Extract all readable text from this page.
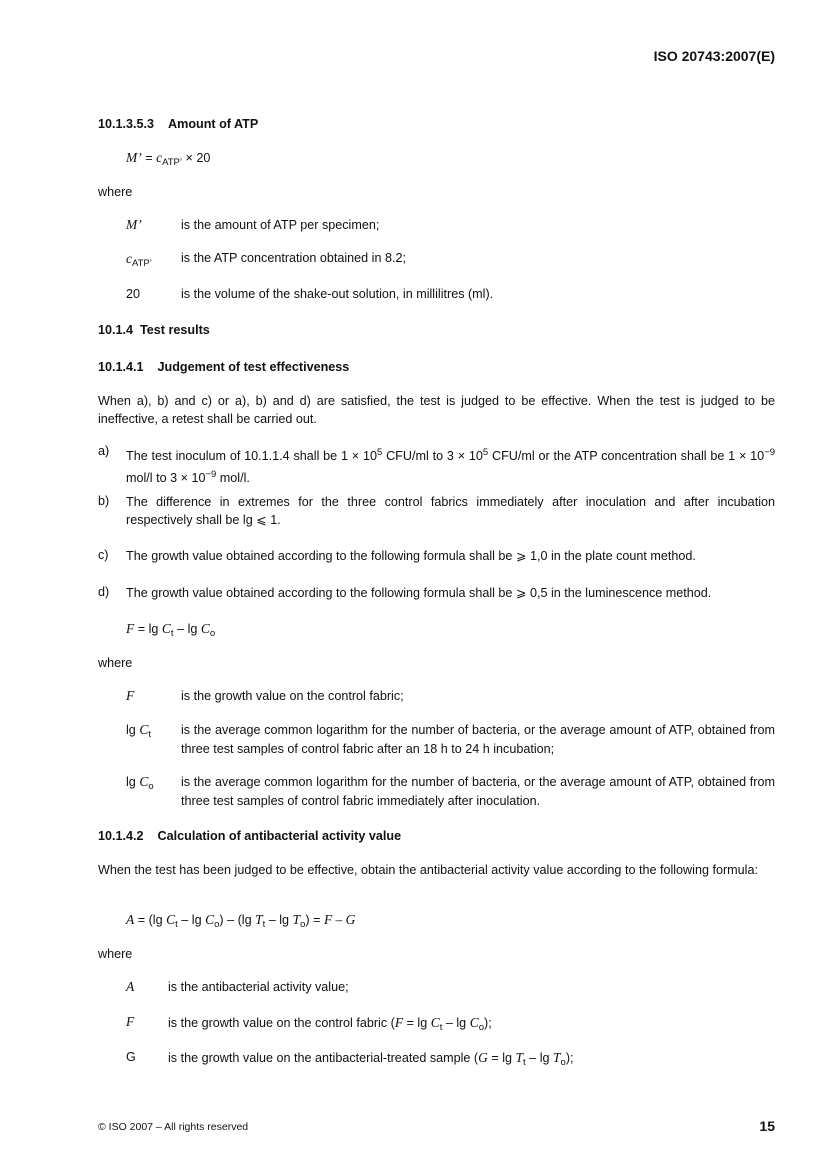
ISO 20743:2007(E)
10.1.3.5.3 Amount of ATP
M’ = $c_{ATP’} \times 20$
where
M’	is the amount of ATP per specimen;
$c_{ATP’}$ is the ATP concentration obtained in 8.2;
20	is the volume of the shake-out solution, in millilitres (ml).
10.1.4 Test results
10.1.4.1 Judgement of test effectiveness
When a), b) and c) or a), b) and d) are satisfied, the test is judged to be effective. When the test is judged to be ineffective, a retest shall be carried out.
a) The test inoculum of 10.1.1.4 shall be $1 \times 10^5$ CFU/ml to $3 \times 10^5$ CFU/ml or the ATP concentration shall be $1 \times 10^{-9}$ mol/l to $3 \times 10^{-9}$ mol/l.
b) The difference in extremes for the three control fabrics immediately after inoculation and after incubation respectively shall be lg ⩽ 1.
c) The growth value obtained according to the following formula shall be ⩾ 1,0 in the plate count method.
d) The growth value obtained according to the following formula shall be ⩾ 0,5 in the luminescence method.
$F = \lg C_t - \lg C_o$
where
F	is the growth value on the control fabric;
$\lg C_t$ is the average common logarithm for the number of bacteria, or the average amount of ATP, obtained from three test samples of control fabric after an 18 h to 24 h incubation;
$\lg C_o$ is the average common logarithm for the number of bacteria, or the average amount of ATP, obtained from three test samples of control fabric immediately after inoculation.
10.1.4.2 Calculation of antibacterial activity value
When the test has been judged to be effective, obtain the antibacterial activity value according to the following formula:
A = (lg $C_t$ – $\lg C_o) - (\lg$ $T_t - \lg T_o) = F - G$
where
A	is the antibacterial activity value;
F	is the growth value on the control fabric $(F = \lg C_t - \lg C_o)$;
G	is the growth value on the antibacterial-treated sample $(G = \lg T_t - \lg T_o)$;
© ISO 2007 – All rights reserved	15
